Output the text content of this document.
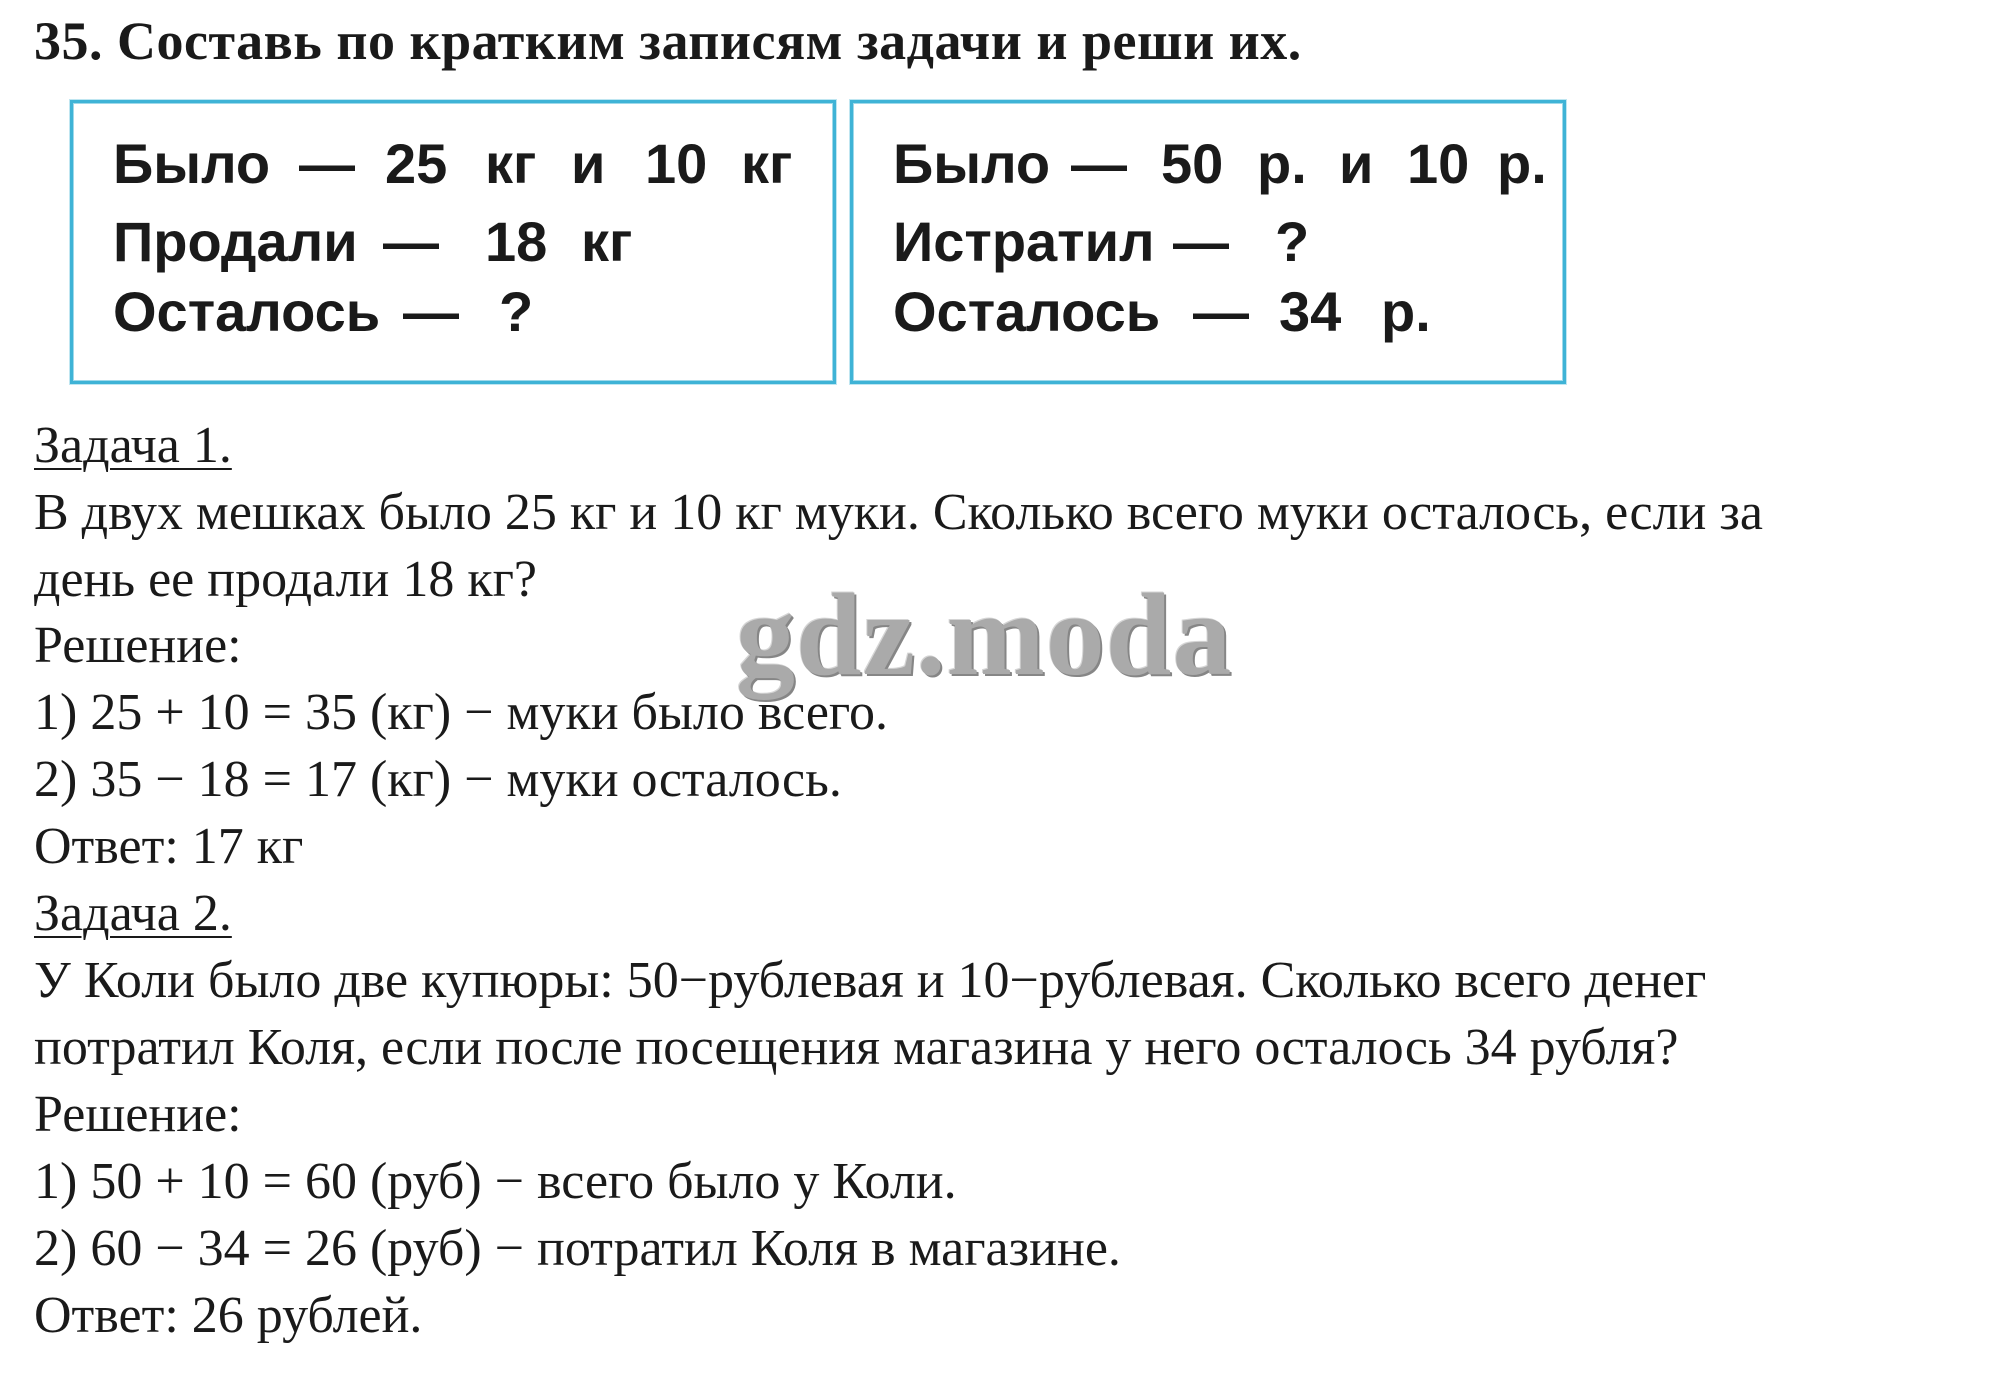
35. Составь по кратким записям задачи и реши их.
Было — 25 кг и 10 кг
Продали — 18 кг
Осталось — ?
Было — 50 р. и 10 р.
Истратил — ?
Осталось — 34 р.
Задача 1.
В двух мешках было 25 кг и 10 кг муки. Сколько всего муки осталось, если за
день ее продали 18 кг?
Решение:
1) 25 + 10 = 35 (кг) − муки было всего.
2) 35 − 18 = 17 (кг) − муки осталось.
Ответ: 17 кг
Задача 2.
У Коли было две купюры: 50−рублевая и 10−рублевая. Сколько всего денег
потратил Коля, если после посещения магазина у него осталось 34 рубля?
Решение:
1) 50 + 10 = 60 (руб) − всего было у Коли.
2) 60 − 34 = 26 (руб) − потратил Коля в магазине.
Ответ: 26 рублей.
gdz.moda
